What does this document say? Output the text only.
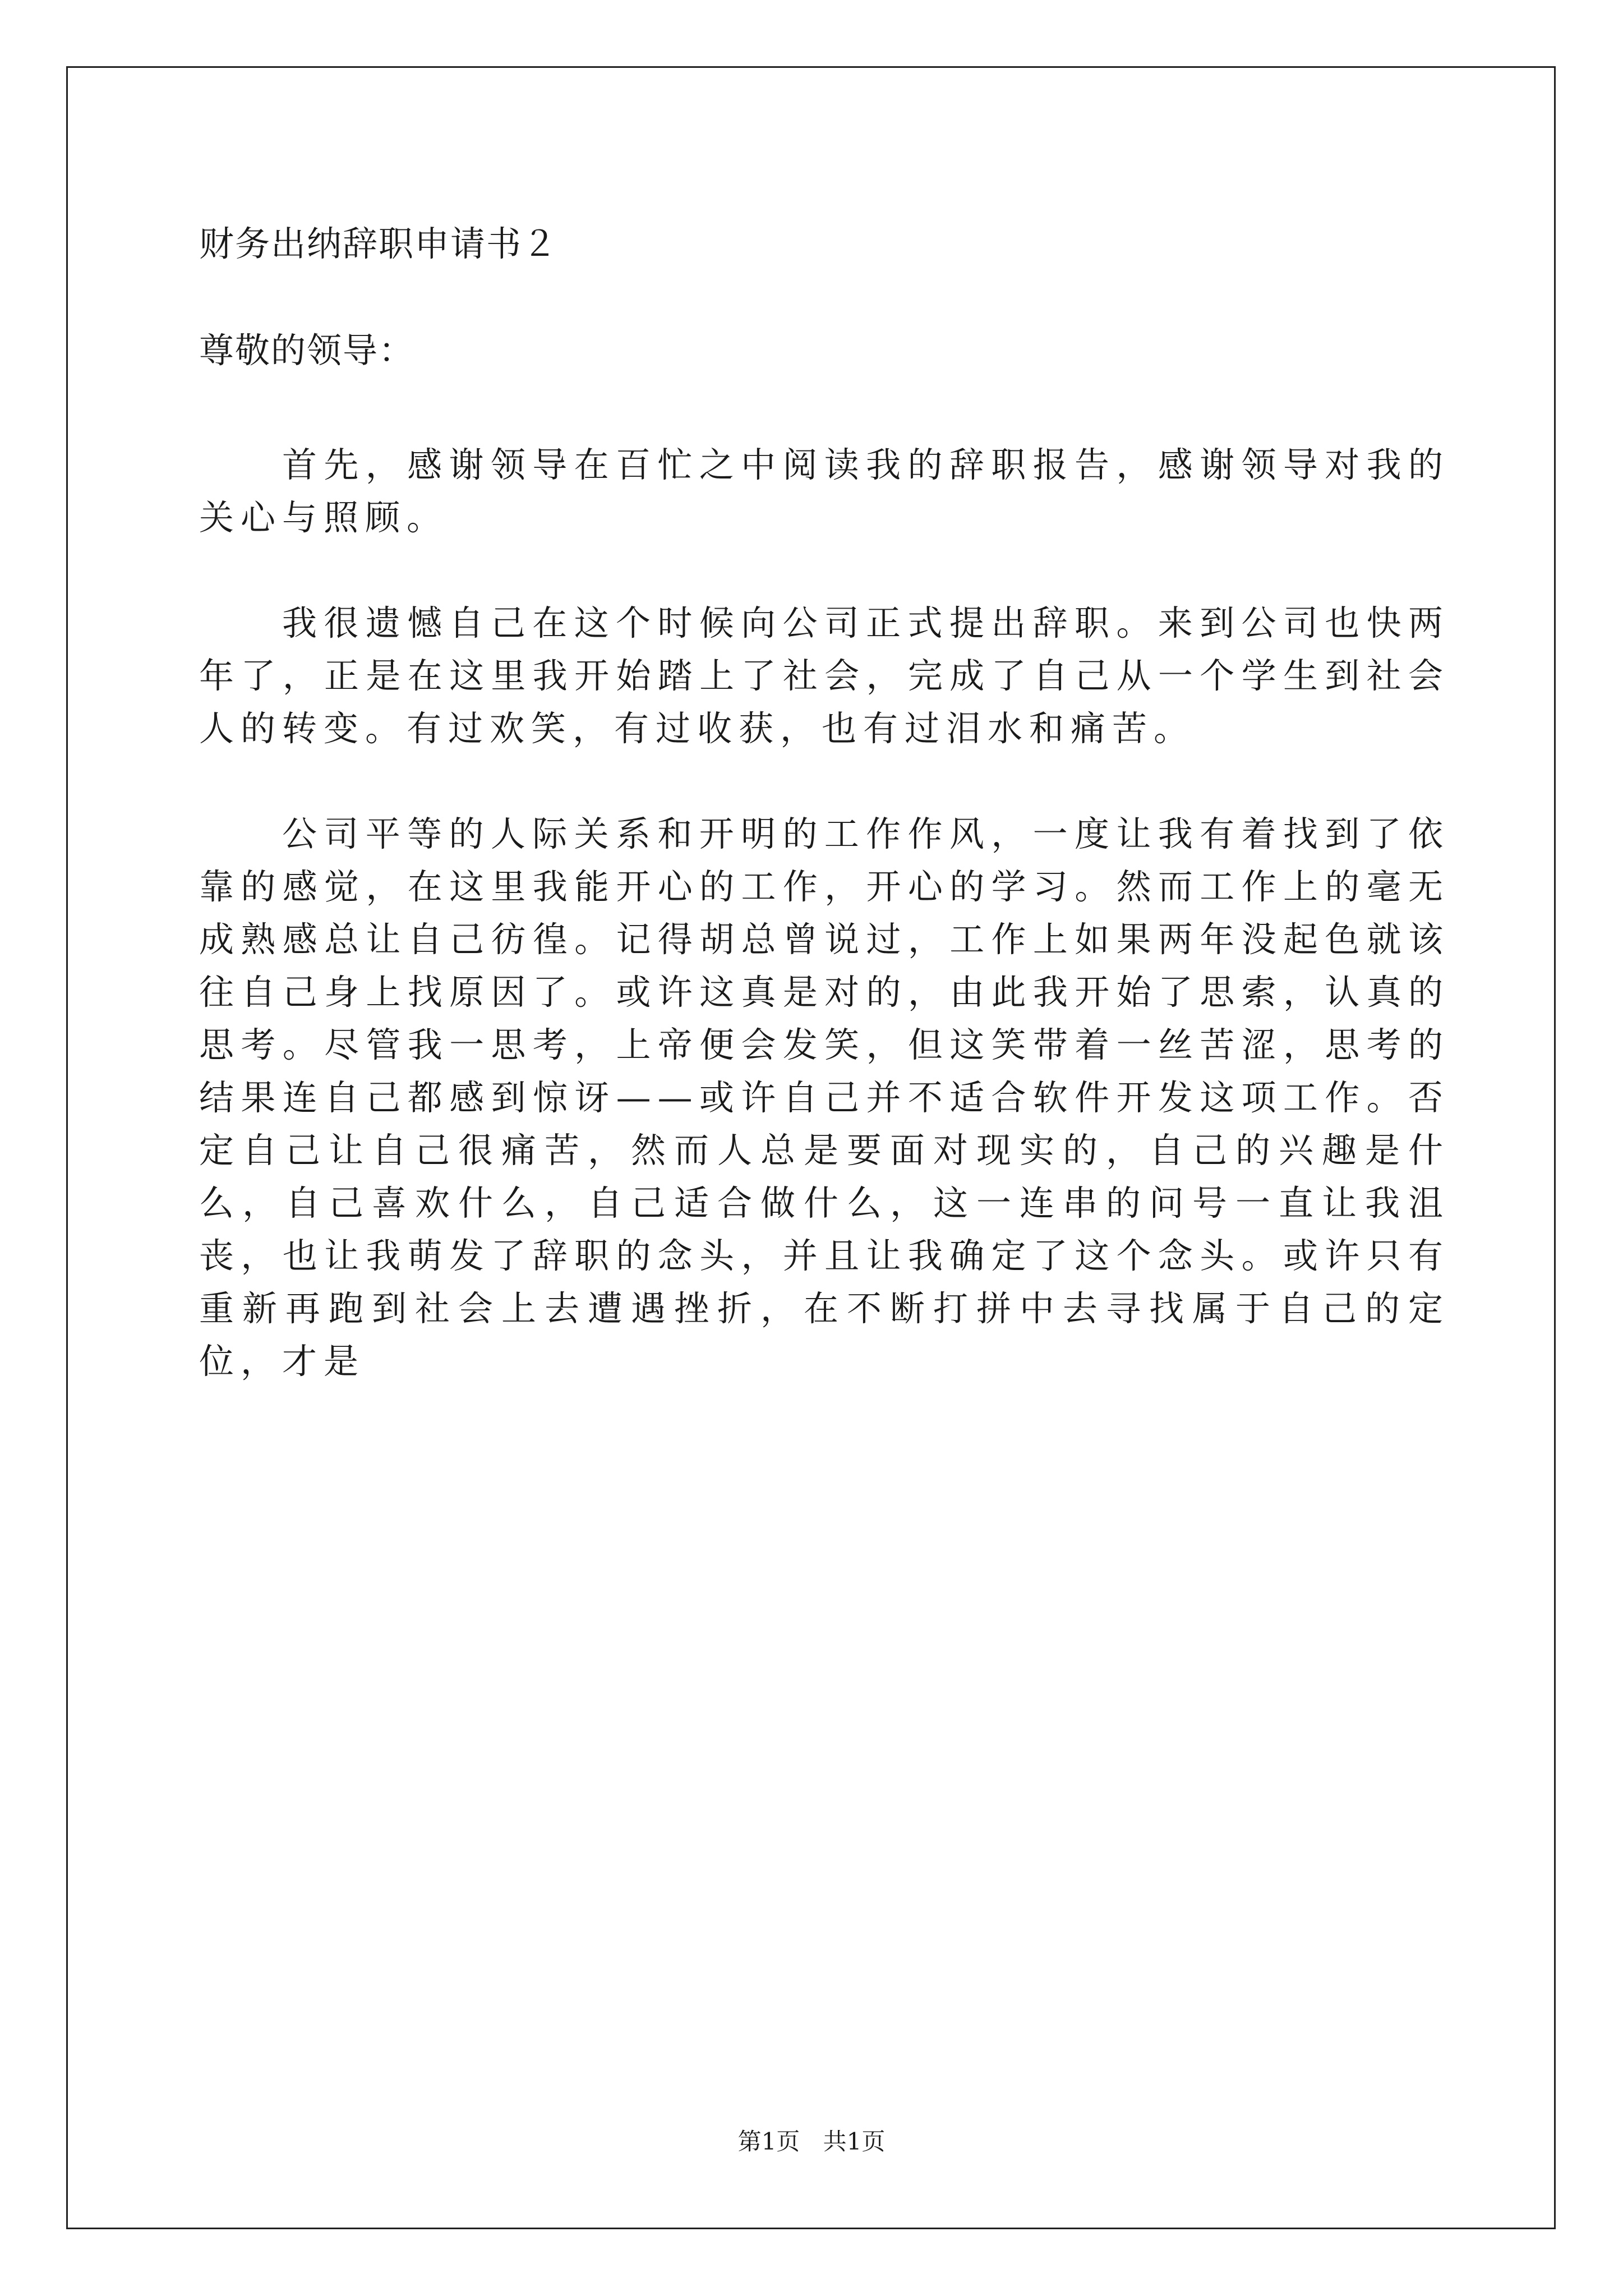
财务出纳辞职申请书２
尊敬的领导：

首先，感谢领导在百忙之中阅读我的辞职报告，感谢领导对我的关心与照顾。

我很遗憾自己在这个时候向公司正式提出辞职。来到公司也快两年了，正是在这里我开始踏上了社会，完成了自己从一个学生到社会人的转变。有过欢笑，有过收获，也有过泪水和痛苦。

公司平等的人际关系和开明的工作作风，一度让我有着找到了依靠的感觉，在这里我能开心的工作，开心的学习。然而工作上的毫无成熟感总让自己彷徨。记得胡总曾说过，工作上如果两年没起色就该往自己身上找原因了。或许这真是对的，由此我开始了思索，认真的思考。尽管我一思考，上帝便会发笑，但这笑带着一丝苦涩，思考的结果连自己都感到惊讶——或许自己并不适合软件开发这项工作。否定自己让自己很痛苦，然而人总是要面对现实的，自己的兴趣是什么，自己喜欢什么，自己适合做什么，这一连串的问号一直让我沮丧，也让我萌发了辞职的念头，并且让我确定了这个念头。或许只有重新再跑到社会上去遭遇挫折，在不断打拼中去寻找属于自己的定位，才是

第1页 共1页
